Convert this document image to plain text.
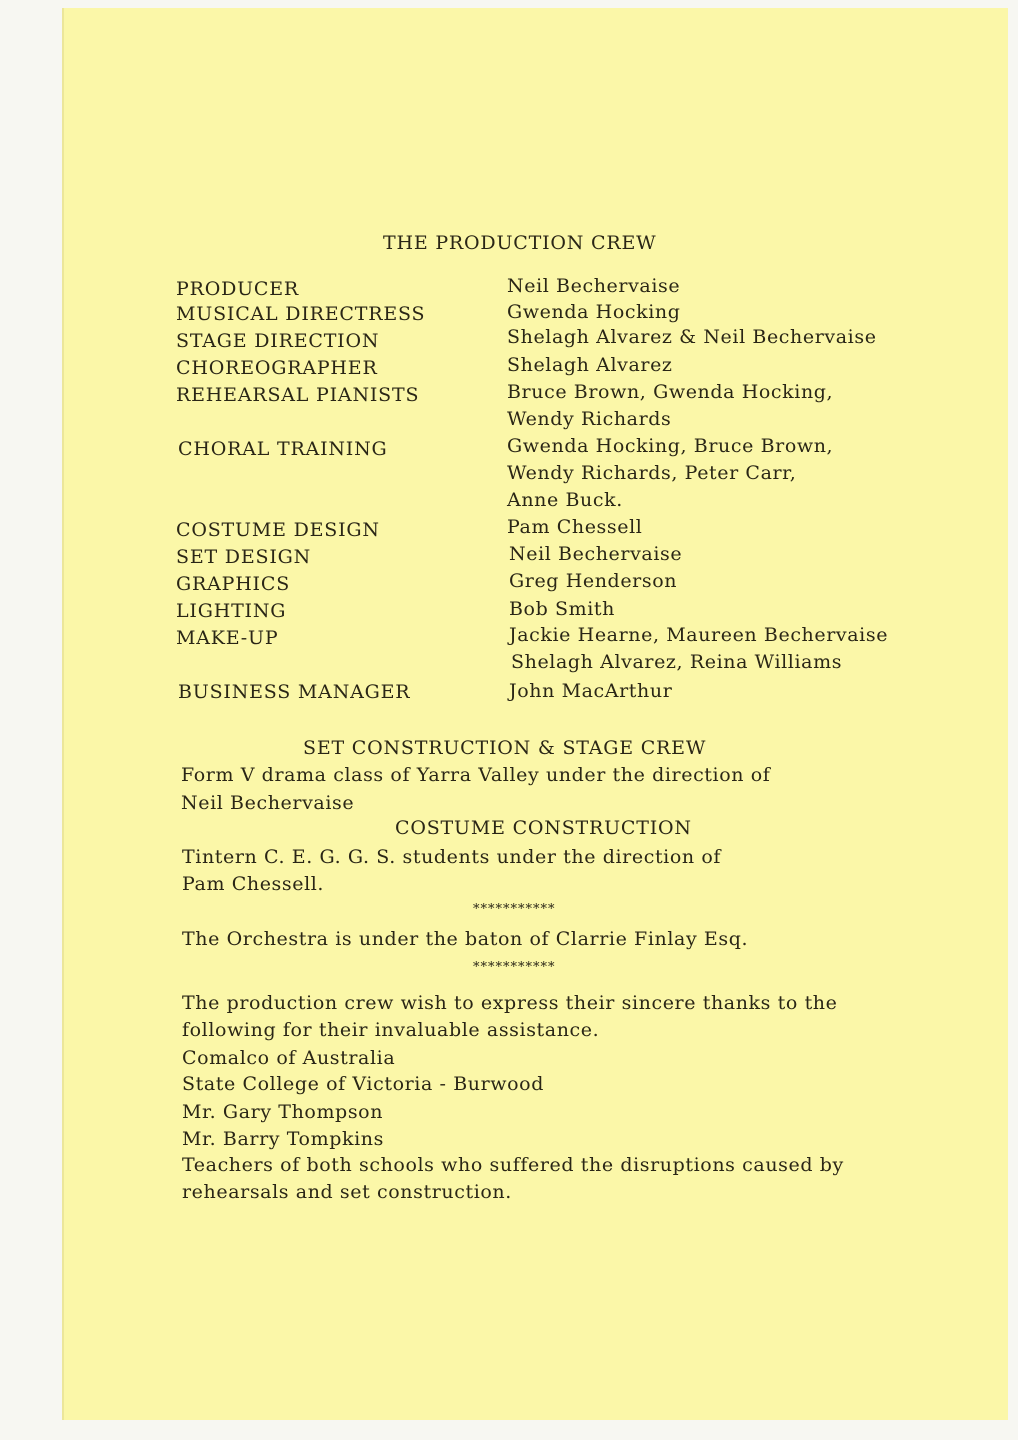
THE PRODUCTION CREW
PRODUCER
MUSICAL DIRECTRESS
STAGE DIRECTION
CHOREOGRAPHER
REHEARSAL PIANISTS
CHORAL TRAINING
COSTUME DESIGN
SET DESIGN
GRAPHICS
LIGHTING
MAKE-UP
BUSINESS MANAGER
Neil Bechervaise
Gwenda Hocking
Shelagh Alvarez & Neil Bechervaise
Shelagh Alvarez
Bruce Brown, Gwenda Hocking,
Wendy Richards
Gwenda Hocking, Bruce Brown,
Wendy Richards, Peter Carr,
Anne Buck.
Pam Chessell
Neil Bechervaise
Greg Henderson
Bob Smith
Jackie Hearne, Maureen Bechervaise
Shelagh Alvarez, Reina Williams
John MacArthur
SET CONSTRUCTION & STAGE CREW
Form V drama class of Yarra Valley under the direction of
Neil Bechervaise
COSTUME CONSTRUCTION
Tintern C. E. G. G. S. students under the direction of
Pam Chessell.
***********
The Orchestra is under the baton of Clarrie Finlay Esq.
***********
The production crew wish to express their sincere thanks to the
following for their invaluable assistance.
Comalco of Australia
State College of Victoria - Burwood
Mr. Gary Thompson
Mr. Barry Tompkins
Teachers of both schools who suffered the disruptions caused by
rehearsals and set construction.
